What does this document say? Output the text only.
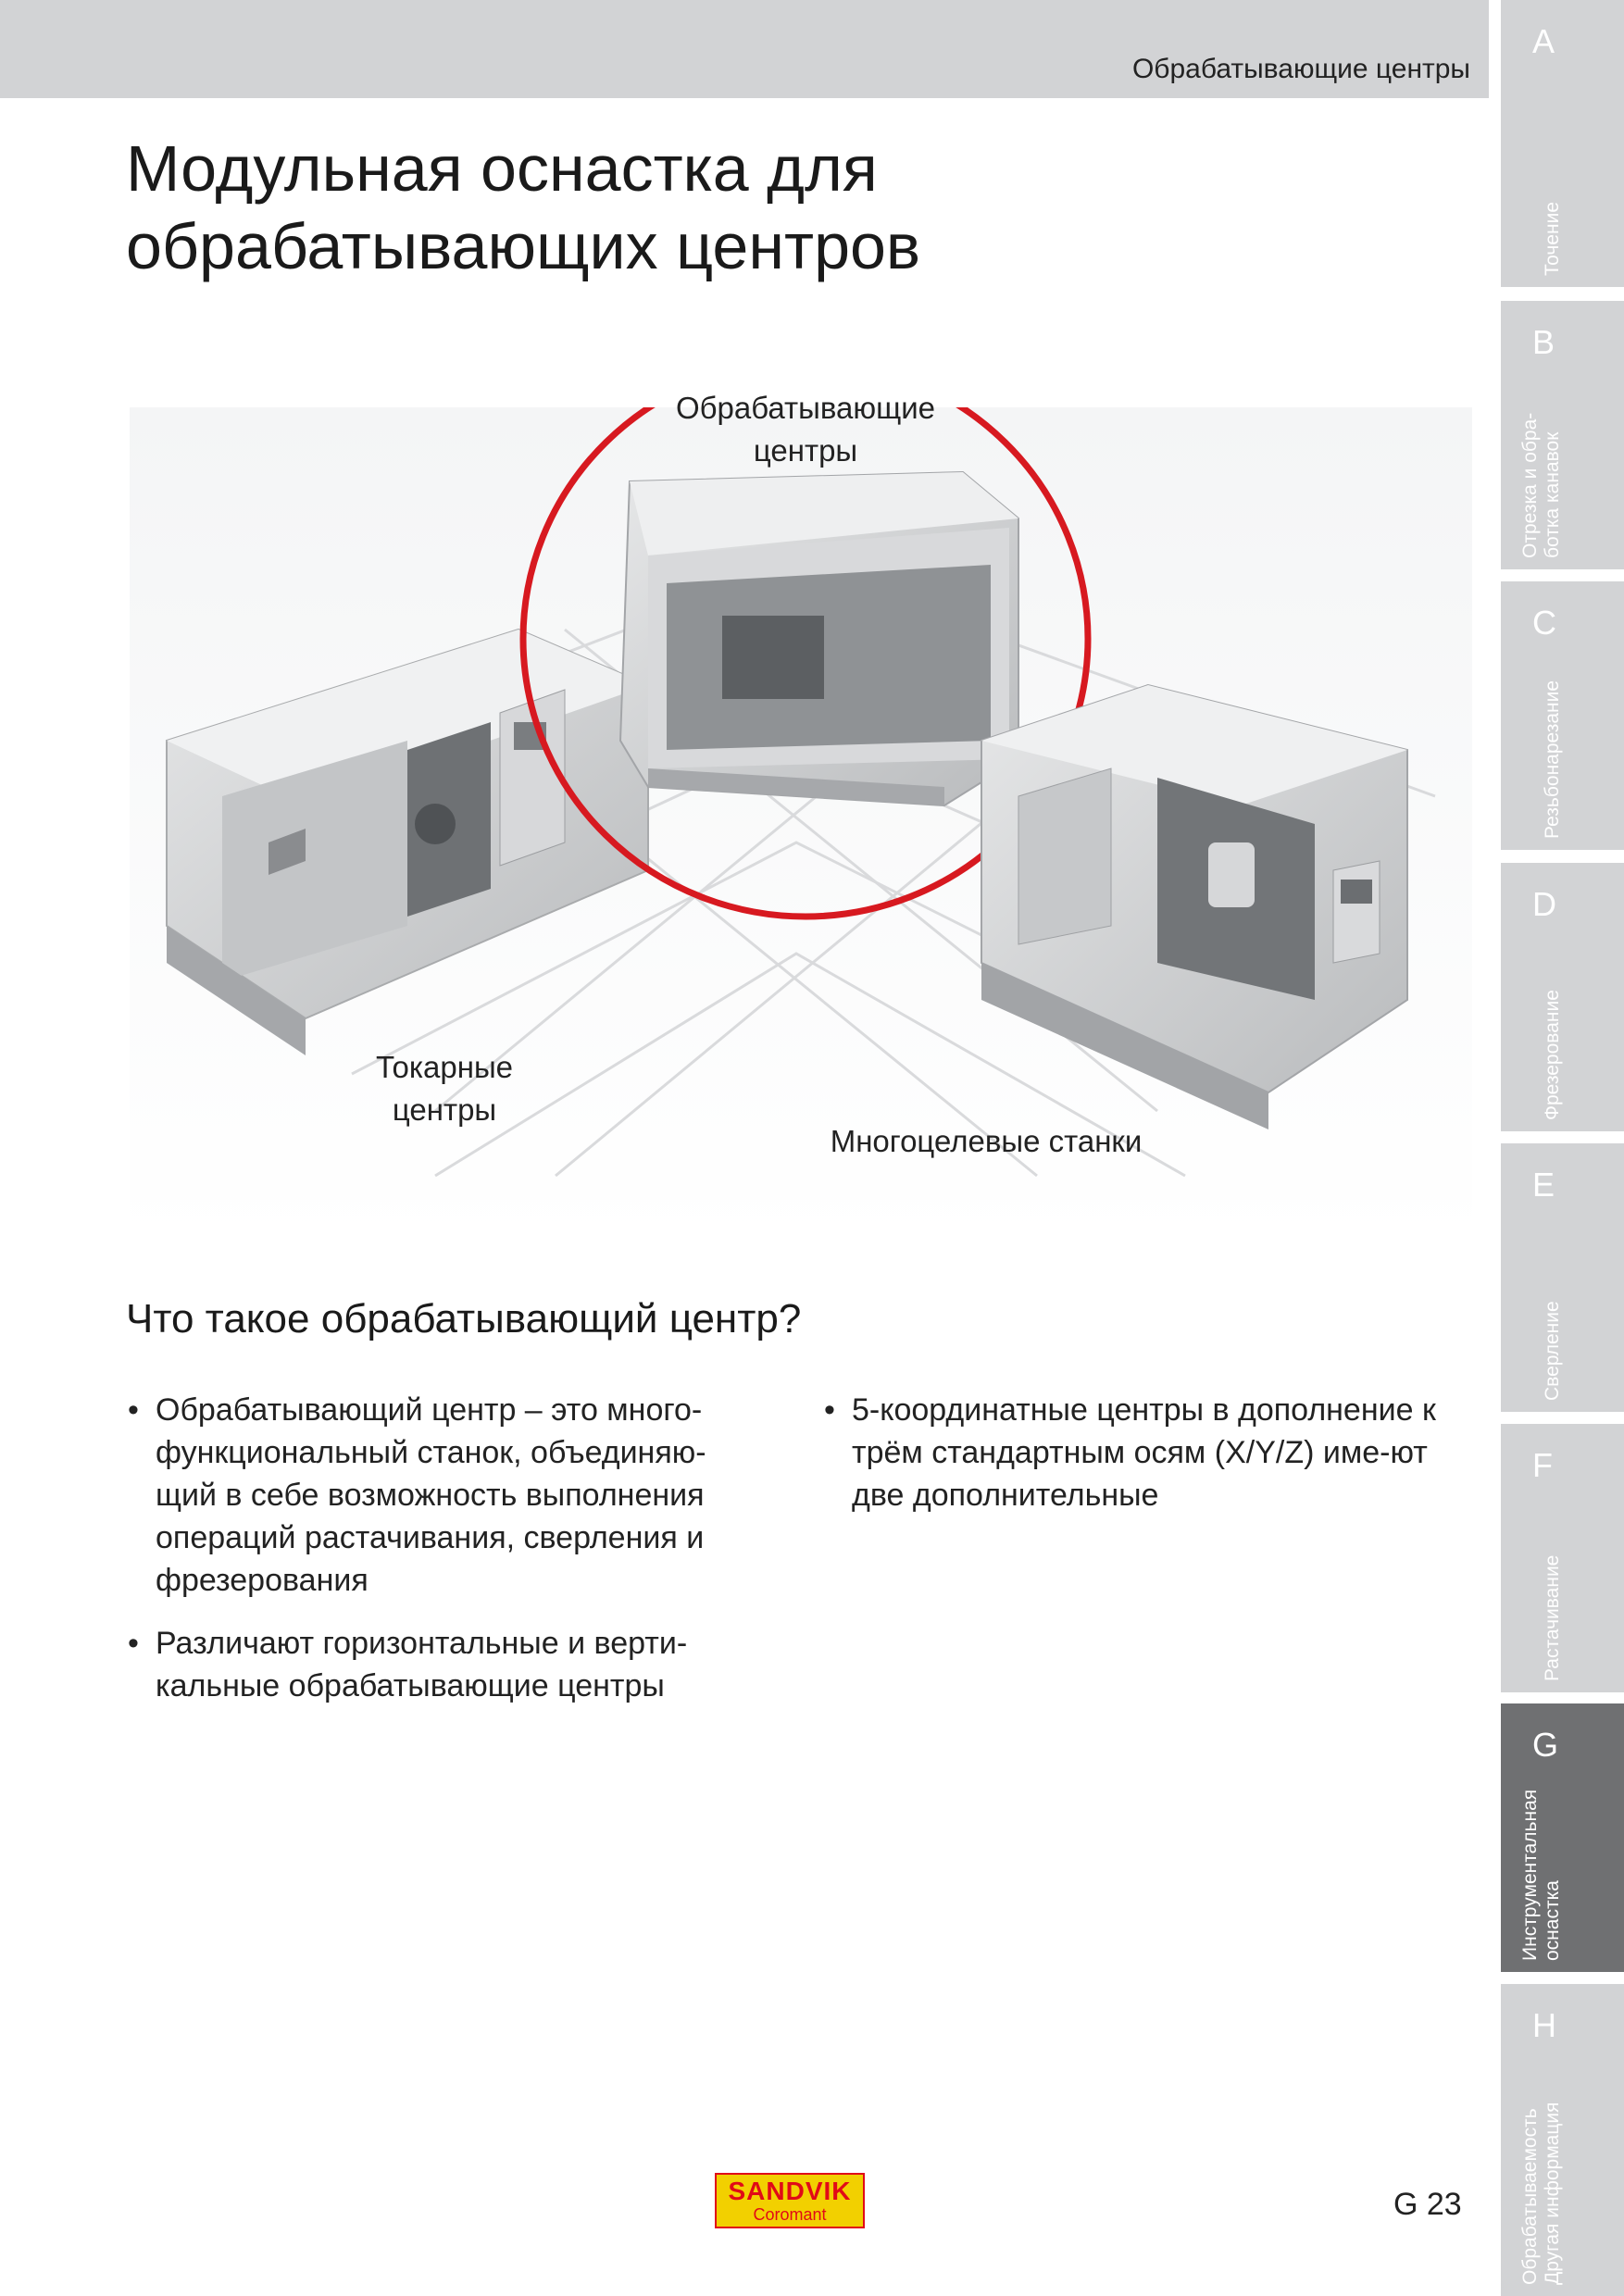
Обрабатывающие центры
A
Точение
B
Отрезка и обра-
ботка канавок
C
Резьбонарезание
D
Фрезерование
E
Сверление
F
Растачивание
G
Инструментальная
оснастка
H
Обрабатываемость
Другая информация
Модульная оснастка для обрабатывающих центров
Обрабатывающие центры
Токарные центры
Многоцелевые станки
Что такое обрабатывающий центр?
• Обрабатывающий центр – это много-функциональный станок, объединяю-щий в себе возможность выполнения операций растачивания, сверления и фрезерования
• Различают горизонтальные и верти-кальные обрабатывающие центры
• 5-координатные центры в дополнение к трём стандартным осям (X/Y/Z) име-ют две дополнительные
SANDVIK
Coromant	G 23
